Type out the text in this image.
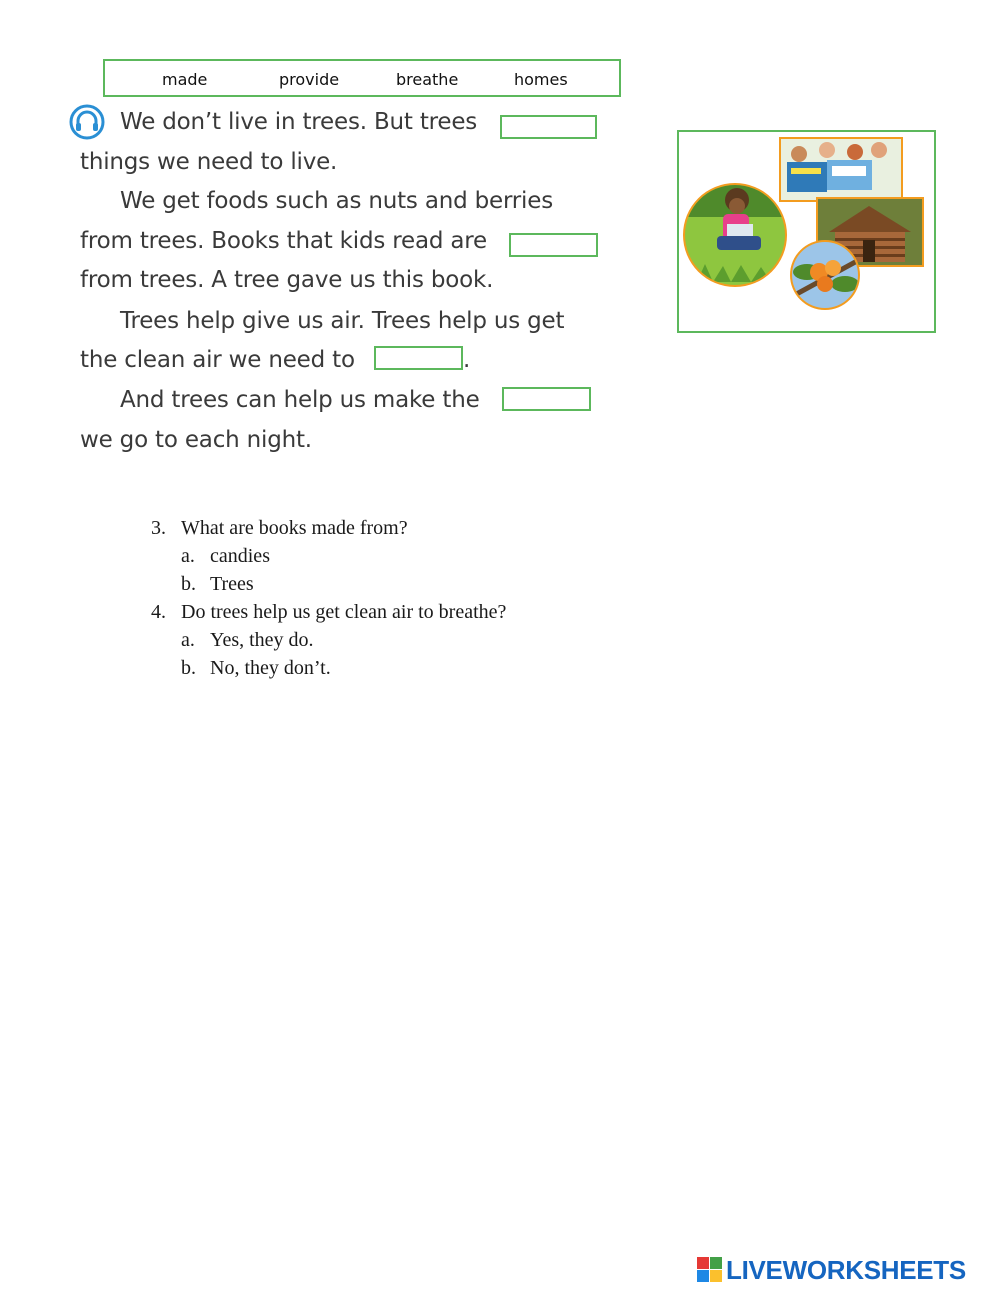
made	provide	breathe	homes
We don’t live in trees. But trees
things we need to live.
We get foods such as nuts and berries
from trees. Books that kids read are
from trees. A tree gave us this book.
Trees help give us air. Trees help us get
the clean air we need to	.
And trees can help us make the
we go to each night.
3. What are books made from?
a. candies
b. Trees
4. Do trees help us get clean air to breathe?
a. Yes, they do.
b. No, they don’t.
LIVEWORKSHEETS
